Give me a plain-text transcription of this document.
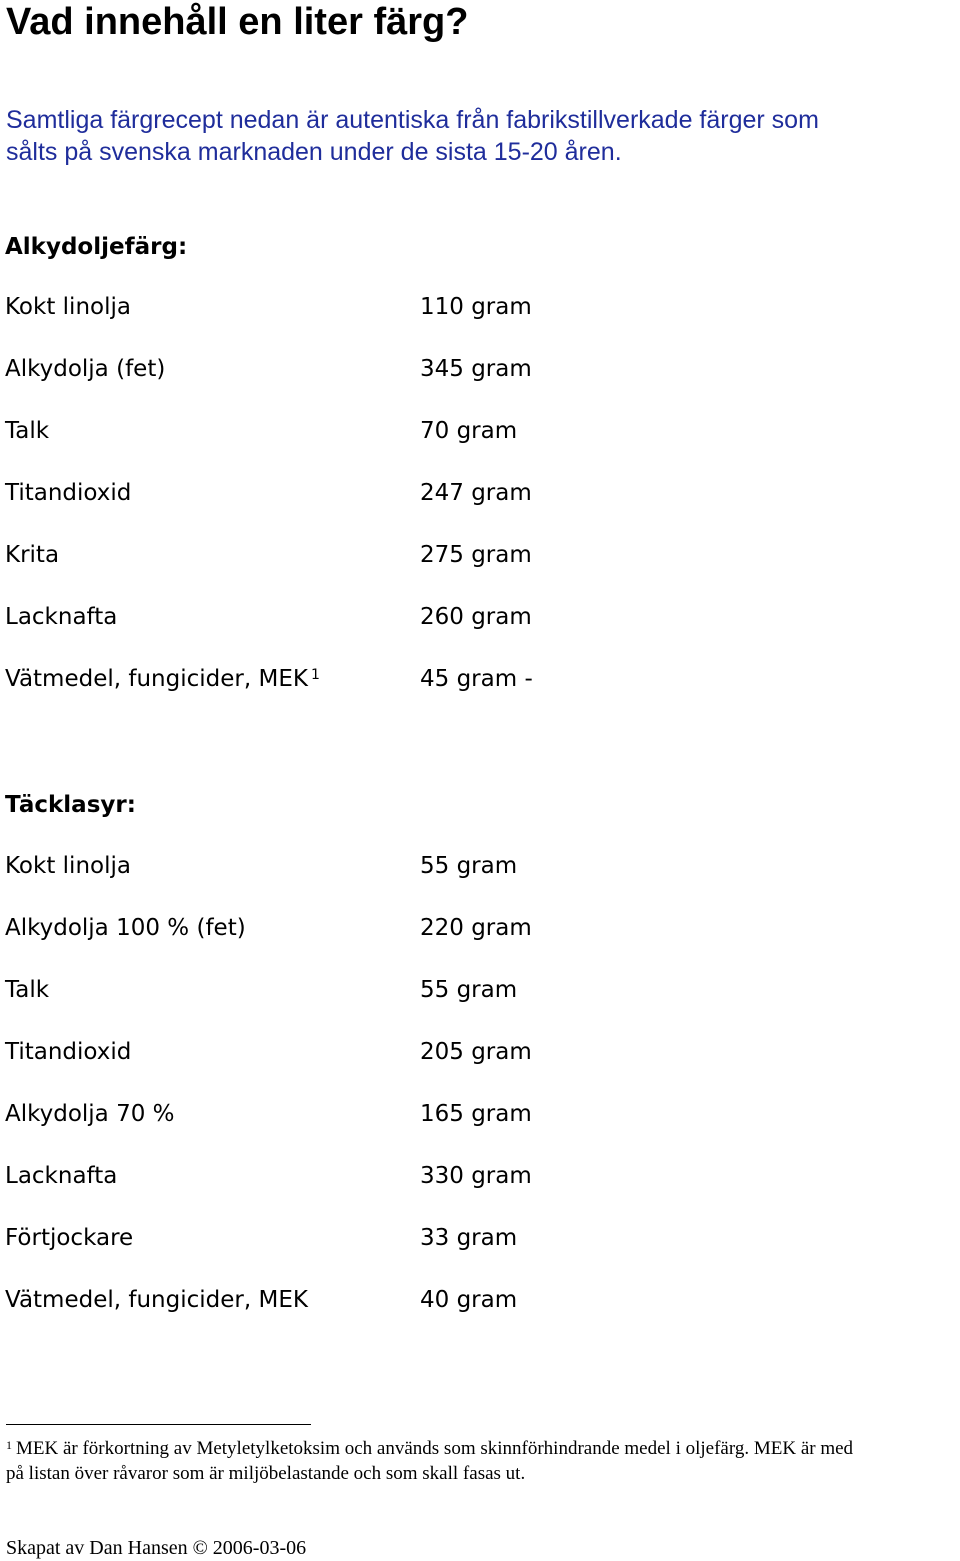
Vad innehåll en liter färg?
Samtliga färgrecept nedan är autentiska från fabrikstillverkade färger som
sålts på svenska marknaden under de sista 15-20 åren.
Alkydoljefärg:
Kokt linolja	110 gram
Alkydolja (fet)	345 gram
Talk	70 gram
Titandioxid	247 gram
Krita	275 gram
Lacknafta	260 gram
Vätmedel, fungicider, MEK $^1$	45 gram -
Täcklasyr:
Kokt linolja	55 gram
Alkydolja 100 % (fet)	220 gram
Talk	55 gram
Titandioxid	205 gram
Alkydolja 70 %	165 gram
Lacknafta	330 gram
Förtjockare	33 gram
Vätmedel, fungicider, MEK	40 gram
$^1$ MEK är förkortning av Metyletylketoksim och används som skinnförhindrande medel i oljefärg. MEK är med
på listan över råvaror som är miljöbelastande och som skall fasas ut.
Skapat av Dan Hansen © 2006-03-06
